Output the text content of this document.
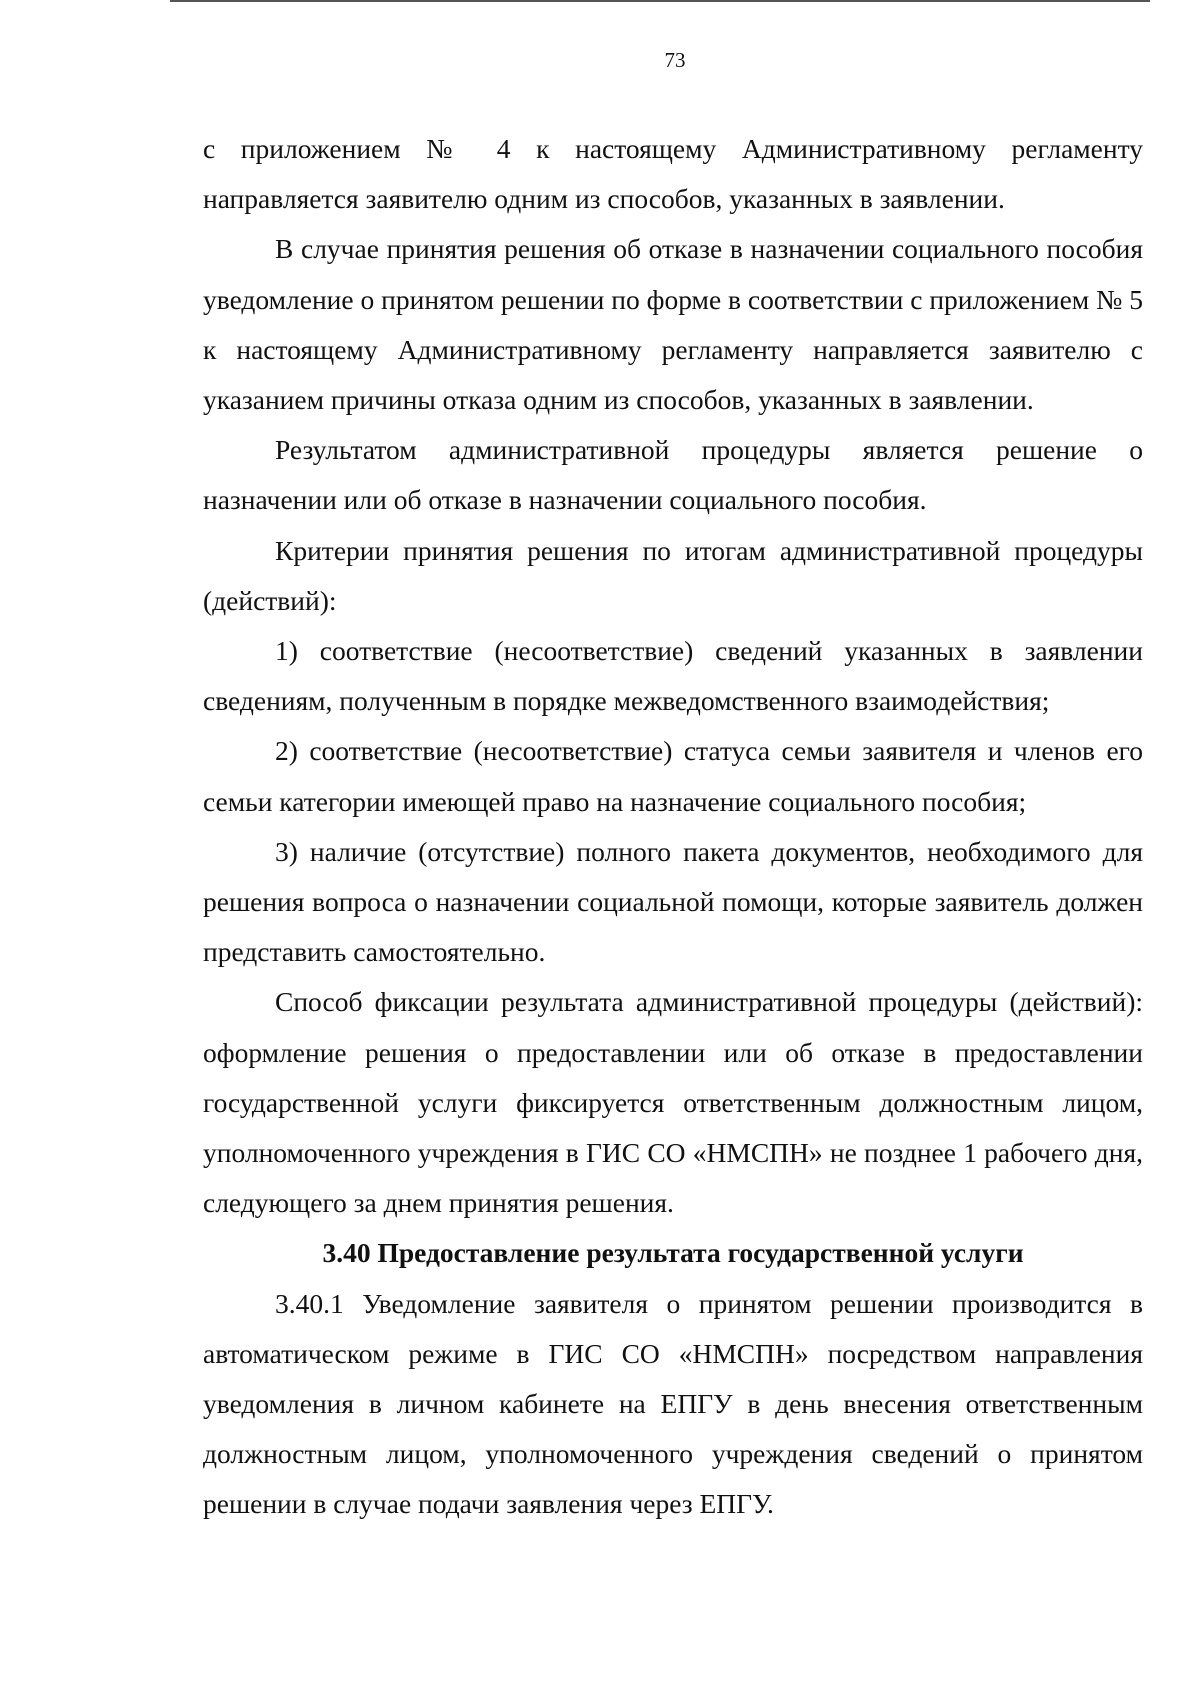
73

с приложением № 4 к настоящему Административному регламенту направляется заявителю одним из способов, указанных в заявлении.

В случае принятия решения об отказе в назначении социального пособия уведомление о принятом решении по форме в соответствии с приложением № 5 к настоящему Административному регламенту направляется заявителю с указанием причины отказа одним из способов, указанных в заявлении.

Результатом административной процедуры является решение о назначении или об отказе в назначении социального пособия.

Критерии принятия решения по итогам административной процедуры (действий):

1) соответствие (несоответствие) сведений указанных в заявлении сведениям, полученным в порядке межведомственного взаимодействия;

2) соответствие (несоответствие) статуса семьи заявителя и членов его семьи категории имеющей право на назначение социального пособия;

3) наличие (отсутствие) полного пакета документов, необходимого для решения вопроса о назначении социальной помощи, которые заявитель должен представить самостоятельно.

Способ фиксации результата административной процедуры (действий): оформление решения о предоставлении или об отказе в предоставлении государственной услуги фиксируется ответственным должностным лицом, уполномоченного учреждения в ГИС СО «НМСПН» не позднее 1 рабочего дня, следующего за днем принятия решения.

3.40 Предоставление результата государственной услуги

3.40.1 Уведомление заявителя о принятом решении производится в автоматическом режиме в ГИС СО «НМСПН» посредством направления уведомления в личном кабинете на ЕПГУ в день внесения ответственным должностным лицом, уполномоченного учреждения сведений о принятом решении в случае подачи заявления через ЕПГУ.
